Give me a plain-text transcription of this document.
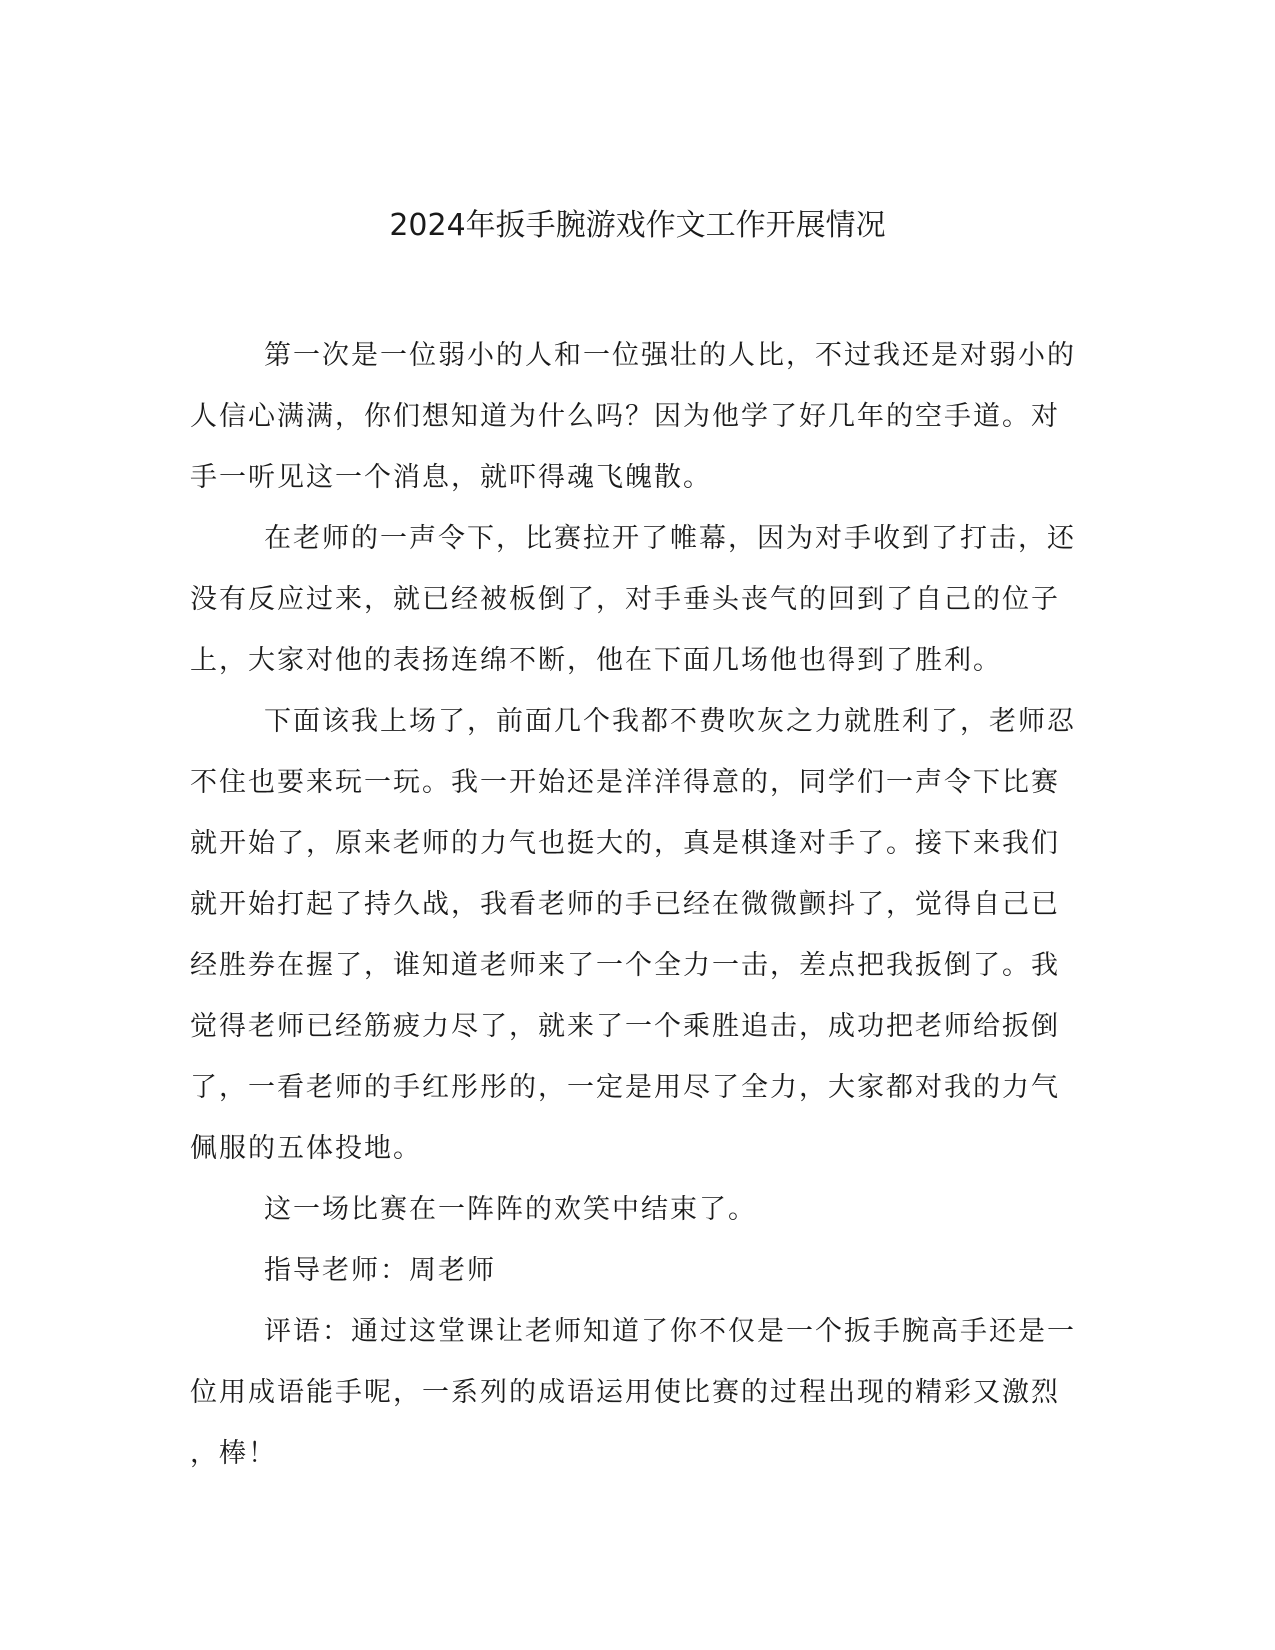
2024年扳手腕游戏作文工作开展情况
第一次是一位弱小的人和一位强壮的人比，不过我还是对弱小的
人信心满满，你们想知道为什么吗？因为他学了好几年的空手道。对
手一听见这一个消息，就吓得魂飞魄散。
在老师的一声令下，比赛拉开了帷幕，因为对手收到了打击，还
没有反应过来，就已经被板倒了，对手垂头丧气的回到了自己的位子
上，大家对他的表扬连绵不断，他在下面几场他也得到了胜利。
下面该我上场了，前面几个我都不费吹灰之力就胜利了，老师忍
不住也要来玩一玩。我一开始还是洋洋得意的，同学们一声令下比赛
就开始了，原来老师的力气也挺大的，真是棋逢对手了。接下来我们
就开始打起了持久战，我看老师的手已经在微微颤抖了，觉得自己已
经胜券在握了，谁知道老师来了一个全力一击，差点把我扳倒了。我
觉得老师已经筋疲力尽了，就来了一个乘胜追击，成功把老师给扳倒
了，一看老师的手红彤彤的，一定是用尽了全力，大家都对我的力气
佩服的五体投地。
这一场比赛在一阵阵的欢笑中结束了。
指导老师：周老师
评语：通过这堂课让老师知道了你不仅是一个扳手腕高手还是一
位用成语能手呢，一系列的成语运用使比赛的过程出现的精彩又激烈
，棒！
